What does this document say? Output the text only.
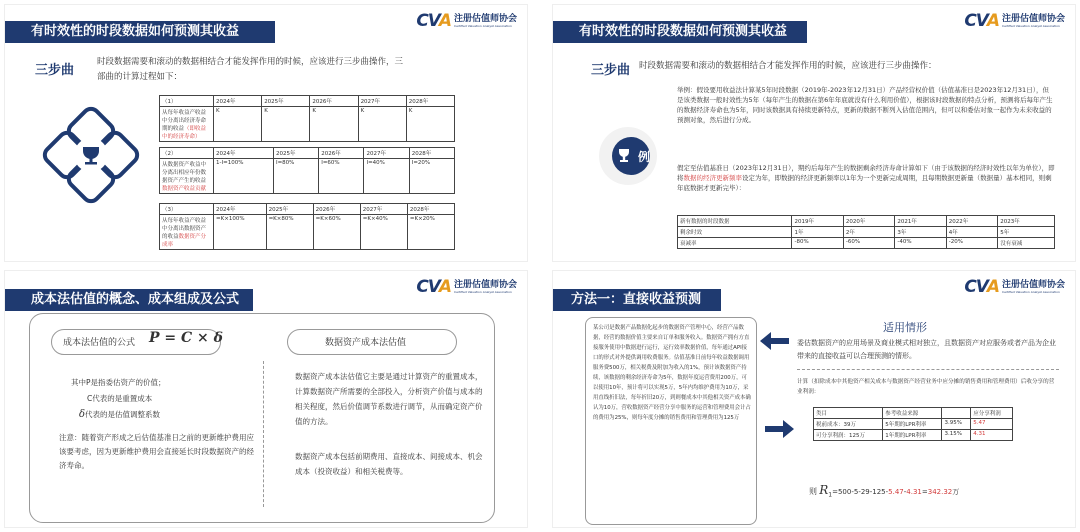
有时效性的时段数据如何预测其收益
CVA 注册估值师协会
Certified Valuation Analyst Association
三步曲
时段数据需要和滚动的数据相结合才能发挥作用的时候，应该进行三步曲操作，三
部曲的计算过程如下：
（1）	2024年	2025年	2026年	2027年	2028年
从每年收益产收益中分离出经济寿命期的收益（即收益中的经济寿命）	K	K	K	K	K
（2）	2024年	2025年	2026年	2027年	2028年
从数据资产收益中分离出相应年份数据资产产生的收益数据资产收益贡献	1-I=100%	I=80%	I=60%	I=40%	I=20%
（3）	2024年	2025年	2026年	2027年	2028年
从每年收益产收益中分离出数据资产的收益数据资产分成率	=K×100%	=K×80%	=K×60%	=K×40%	=K×20%
有时效性的时段数据如何预测其收益
CVA 注册估值师协会
Certified Valuation Analyst Association
三步曲 时段数据需要和滚动的数据相结合才能发挥作用的时候，应该进行三步曲操作：
例
举例：假设要用收益法计算某5年时段数据（2019年-2023年12月31日）产品经营权价值（估值基准日是2023年12月31日），但是该类数据一般时效性为5年（每年产生的数据在第6年年底就没有什么利用价值），根据该时段数据的特点分析，预测将后每年产生的数据经济寿命也为5年，同时该数据具有持续更新特点，更新的数据不断列入估值范围内，但可以和委估对象一起作为未来收益的预测对象，然后进行分成。
假定至估值基准日（2023年12月31日），期约后每年产生的数据剩余经济寿命计算如下（由于该数据的经济时效性以年为单位），即将数据的经济更新频率设定为年，即数据的经济更新频率以1年为一个更新完成周期，且每期数据更新量（数据量）基本相同，则剩年底数据才更新完毕）：
新有数据的时段数据	2019年	2020年	2021年	2022年	2023年
剩余时效	1年	2年	3年	4年	5年
衰减率	-80%	-60%	-40%	-20%	没有衰减
成本法估值的概念、成本组成及公式
CVA 注册估值师协会
Certified Valuation Analyst Association
成本法估值的公式 P = C × δ	数据资产成本法估值
其中P是指委估资产的价值；
C代表的是重置成本
δ代表的是估值调整系数
注意：随着资产形成之后估值基准日之前的更新维护费用应该要考虑，因为更新维护费用会直接延长时段数据资产的经济寿命。
数据资产成本法估值它主要是通过计算资产的重置成本，计算数据资产所需要的全部投入，分析资产价值与成本的相关程度，然后价值调节系数进行调节，从而确定资产价值的方法。
数据资产成本包括前期费用、直接成本、间接成本、机会成本（投资收益）和相关税费等。
方法一：直接收益预测
CVA 注册估值师协会
Certified Valuation Analyst Association
某公司是数据产品数据化起步的数据资产管理中心，经营产品数据，经营的数据价值主要来自订单和服务收入。数据资产拥有方直接服务使用中数据进行运行，运行效率数据价值，每年通过API接口的形式对外提供调用收费服务。估值基准日前每年收益数据调用服务费500万，相关税费及附加为收入的1%，预计该数据资产持续，该数据的剩余经济寿命为5年，数据年度运营费用200万，可以使用10年，预计将可以实现5万，5年内均维护费用为10万，采用直线折旧法，每年折旧20万，到则餐成本中其他相关资产成本确认为10万，营收数据资产经营分享中服务的运营和管理费用会计占的费用为25%，则每年度分摊的销售费用和管理费用为125万
适用情形
委估数据资产的应用场景及商业模式相对独立，且数据资产对应服务或者产品为企业带来的直接收益可以合理预测的情形。
计算（扣除成本中其他资产相关成本与数据资产经营业务中应分摊的销售费用和管理费用）后收分享的营业利润：
类目	参考收益来源		应分享利润
税前成本：39万	5年期的LPR利率	3.95%	5.47
可分享利润：125万	1年期的LPR利率	3.15%	4.31
则 $R_1=500-5-29-125-5.47-4.31=342.32$万
